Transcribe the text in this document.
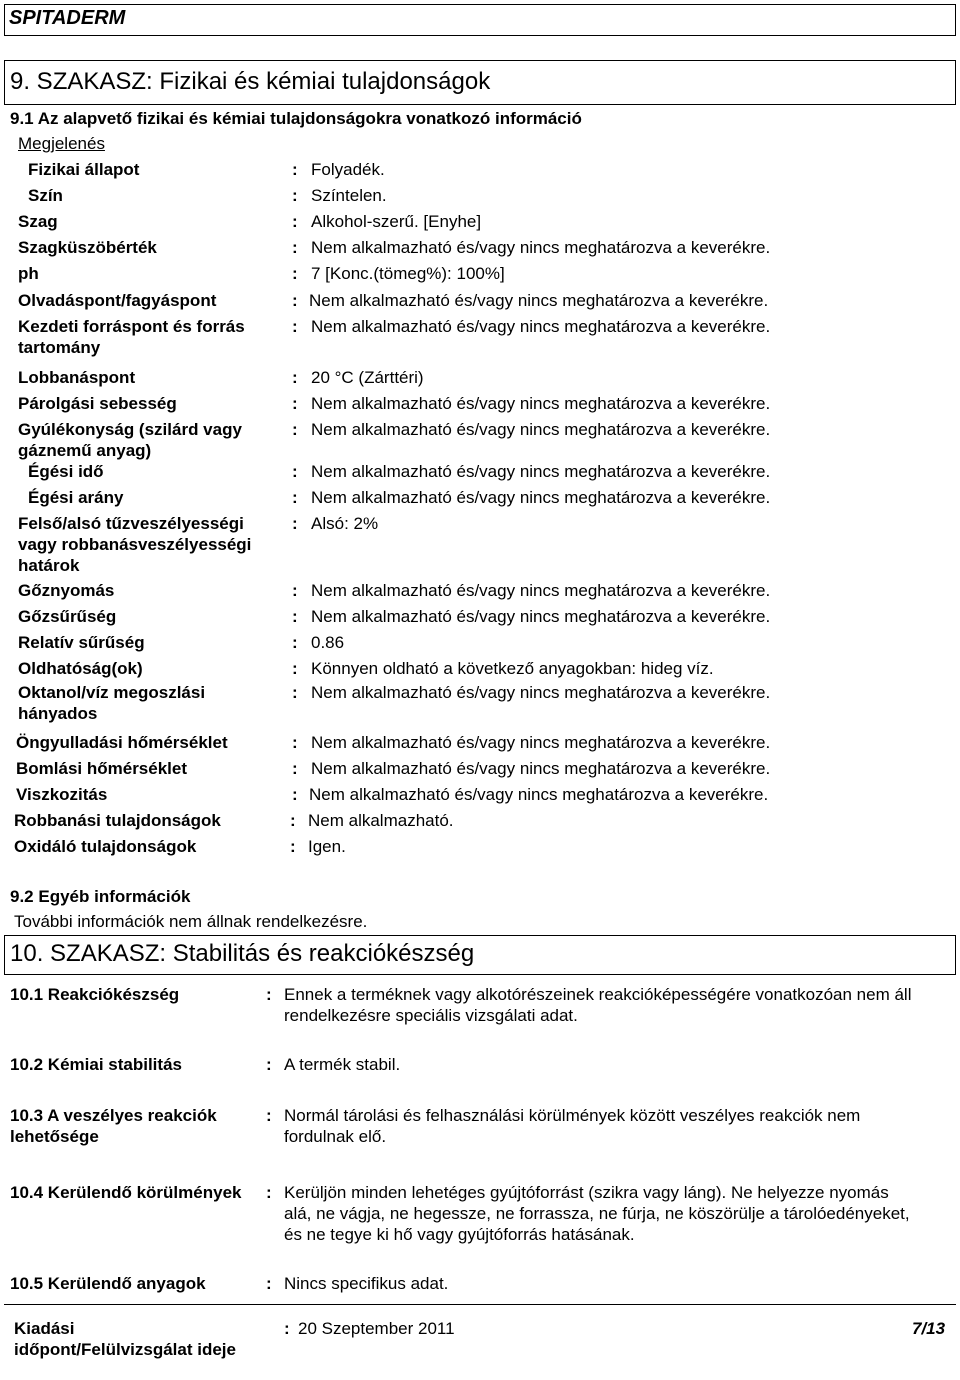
SPITADERM
9. SZAKASZ: Fizikai és kémiai tulajdonságok
9.1 Az alapvető fizikai és kémiai tulajdonságokra vonatkozó információ
Megjelenés
Fizikai állapot	: Folyadék.
Szín	: Színtelen.
Szag	: Alkohol-szerű. [Enyhe]
Szagküszöbérték	: Nem alkalmazható és/vagy nincs meghatározva a keverékre.
ph	: 7 [Konc.(tömeg%): 100%]
Olvadáspont/fagyáspont	: Nem alkalmazható és/vagy nincs meghatározva a keverékre.
Kezdeti forráspont és forrás
tartomány
: Nem alkalmazható és/vagy nincs meghatározva a keverékre.
Lobbanáspont	: 20 °C (Zárttéri)
Párolgási sebesség	: Nem alkalmazható és/vagy nincs meghatározva a keverékre.
Gyúlékonyság (szilárd vagy
gáznemű anyag)
: Nem alkalmazható és/vagy nincs meghatározva a keverékre.
Égési idő	: Nem alkalmazható és/vagy nincs meghatározva a keverékre.
Égési arány	: Nem alkalmazható és/vagy nincs meghatározva a keverékre.
Felső/alsó tűzveszélyességi
vagy robbanásveszélyességi
határok
: Alsó: 2%
Gőznyomás	: Nem alkalmazható és/vagy nincs meghatározva a keverékre.
Gőzsűrűség	: Nem alkalmazható és/vagy nincs meghatározva a keverékre.
Relatív sűrűség	: 0.86
Oldhatóság(ok)	: Könnyen oldható a következő anyagokban: hideg víz.
Oktanol/víz megoszlási
hányados
: Nem alkalmazható és/vagy nincs meghatározva a keverékre.
Öngyulladási hőmérséklet	: Nem alkalmazható és/vagy nincs meghatározva a keverékre.
Bomlási hőmérséklet	: Nem alkalmazható és/vagy nincs meghatározva a keverékre.
Viszkozitás	: Nem alkalmazható és/vagy nincs meghatározva a keverékre.
Robbanási tulajdonságok	: Nem alkalmazható.
Oxidáló tulajdonságok	: Igen.
9.2 Egyéb információk
További információk nem állnak rendelkezésre.
10. SZAKASZ: Stabilitás és reakciókészség
10.1 Reakciókészség	: Ennek a terméknek vagy alkotórészeinek reakcióképességére vonatkozóan nem áll
rendelkezésre speciális vizsgálati adat.
10.2 Kémiai stabilitás	: A termék stabil.
10.3 A veszélyes reakciók
lehetősége
: Normál tárolási és felhasználási körülmények között veszélyes reakciók nem
fordulnak elő.
10.4 Kerülendő körülmények : Kerüljön minden lehetéges gyújtóforrást (szikra vagy láng). Ne helyezze nyomás
alá, ne vágja, ne hegessze, ne forrassza, ne fúrja, ne köszörülje a tárolóedényeket,
és ne tegye ki hő vagy gyújtóforrás hatásának.
10.5 Kerülendő anyagok	: Nincs specifikus adat.
Kiadási
időpont/Felülvizsgálat ideje
: 20 Szeptember 2011	7/13
